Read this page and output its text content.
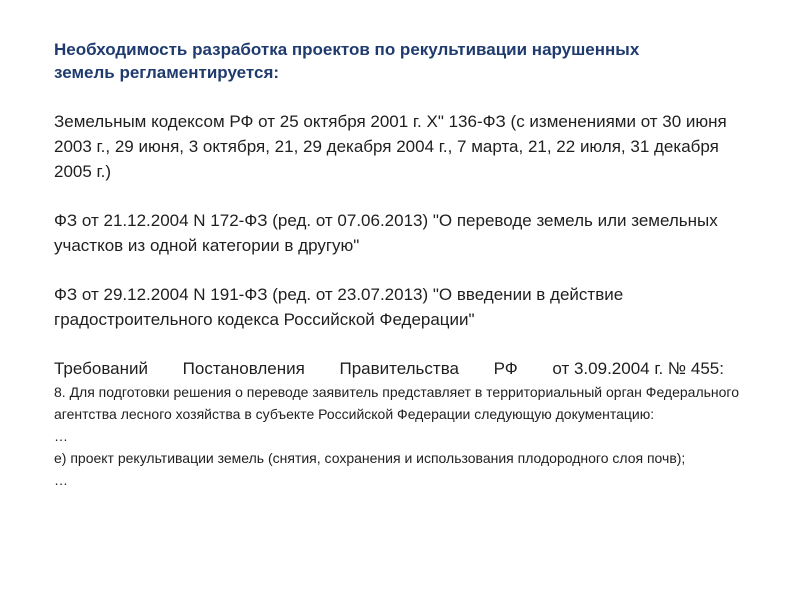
Необходимость разработка проектов по рекультивации нарушенных
земель регламентируется:
Земельным кодексом РФ от 25 октября 2001 г. X" 136-ФЗ (с изменениями от 30 июня 2003 г., 29 июня, 3 октября, 21, 29 декабря 2004 г., 7 марта, 21, 22 июля, 31 декабря 2005 г.)
ФЗ от 21.12.2004 N 172-ФЗ (ред. от 07.06.2013) "О переводе земель или земельных участков из одной категории в другую"
ФЗ от 29.12.2004 N 191-ФЗ (ред. от 23.07.2013) "О введении в действие градостроительного кодекса Российской Федерации"
Требований Постановления Правительства РФ от 3.09.2004 г. № 455:
8. Для подготовки решения о переводе заявитель представляет в территориальный орган Федерального агентства лесного хозяйства в субъекте Российской Федерации следующую документацию:
…
е) проект рекультивации земель (снятия, сохранения и использования плодородного слоя почв);
…
